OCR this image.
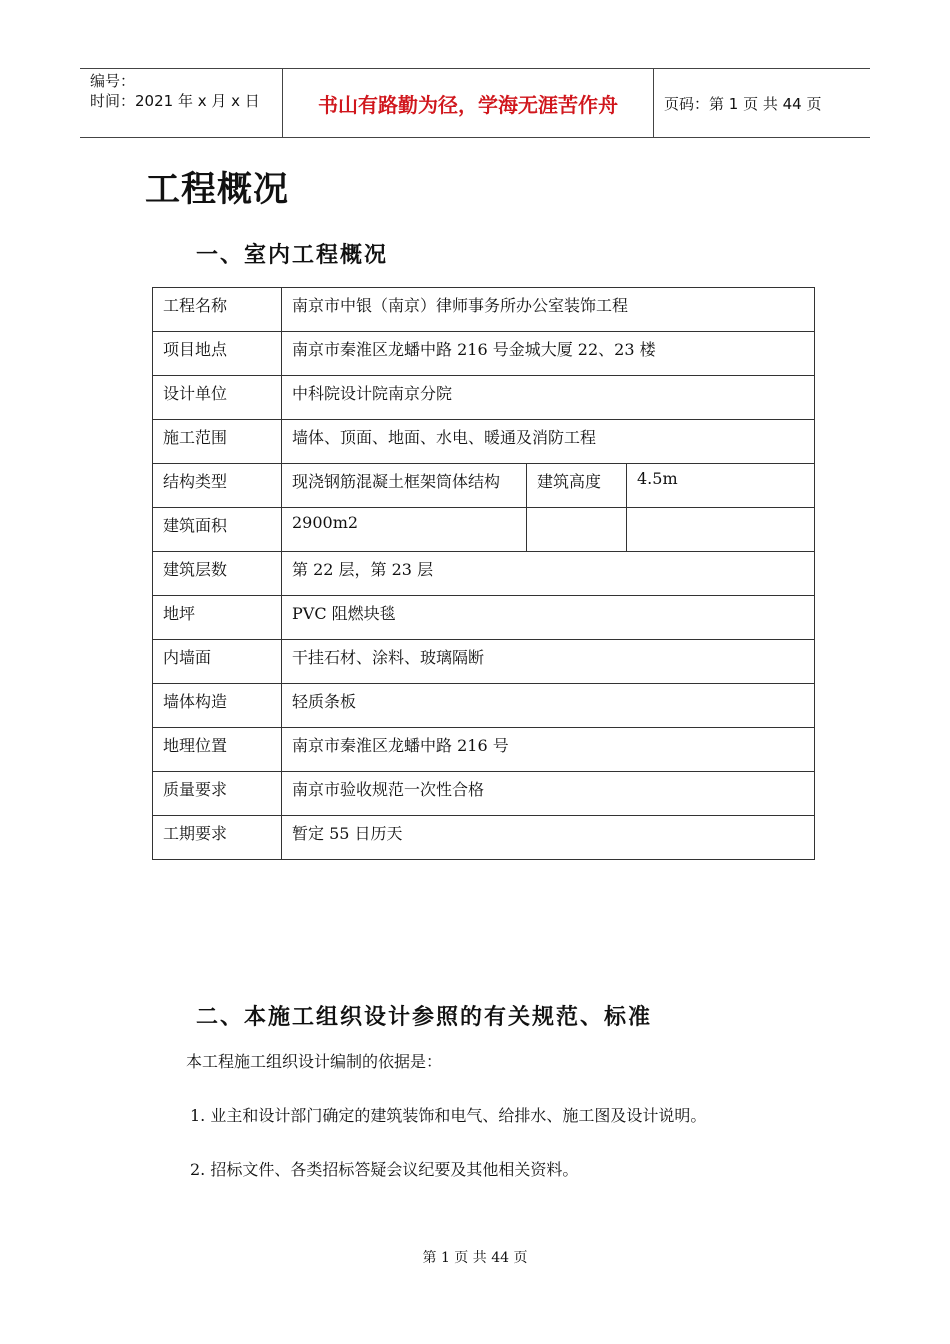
编号：
时间：2021 年 x 月 x 日	书山有路勤为径，学海无涯苦作舟	页码：第 1 页 共 44 页
工程概况
一、室内工程概况
工程名称	南京市中银（南京）律师事务所办公室装饰工程		
项目地点	南京市秦淮区龙蟠中路 216 号金城大厦 22、23 楼		
设计单位	中科院设计院南京分院		
施工范围	墙体、顶面、地面、水电、暖通及消防工程		
结构类型	现浇钢筋混凝土框架筒体结构	建筑高度	4.5m
建筑面积	2900m2		
建筑层数	第 22 层，第 23 层		
地坪	PVC 阻燃块毯		
内墙面	干挂石材、涂料、玻璃隔断		
墙体构造	轻质条板		
地理位置	南京市秦淮区龙蟠中路 216 号		
质量要求	南京市验收规范一次性合格		
工期要求	暂定 55 日历天		
二、本施工组织设计参照的有关规范、标准
本工程施工组织设计编制的依据是：
1. 业主和设计部门确定的建筑装饰和电气、给排水、施工图及设计说明。
2. 招标文件、各类招标答疑会议纪要及其他相关资料。
第 1 页 共 44 页
